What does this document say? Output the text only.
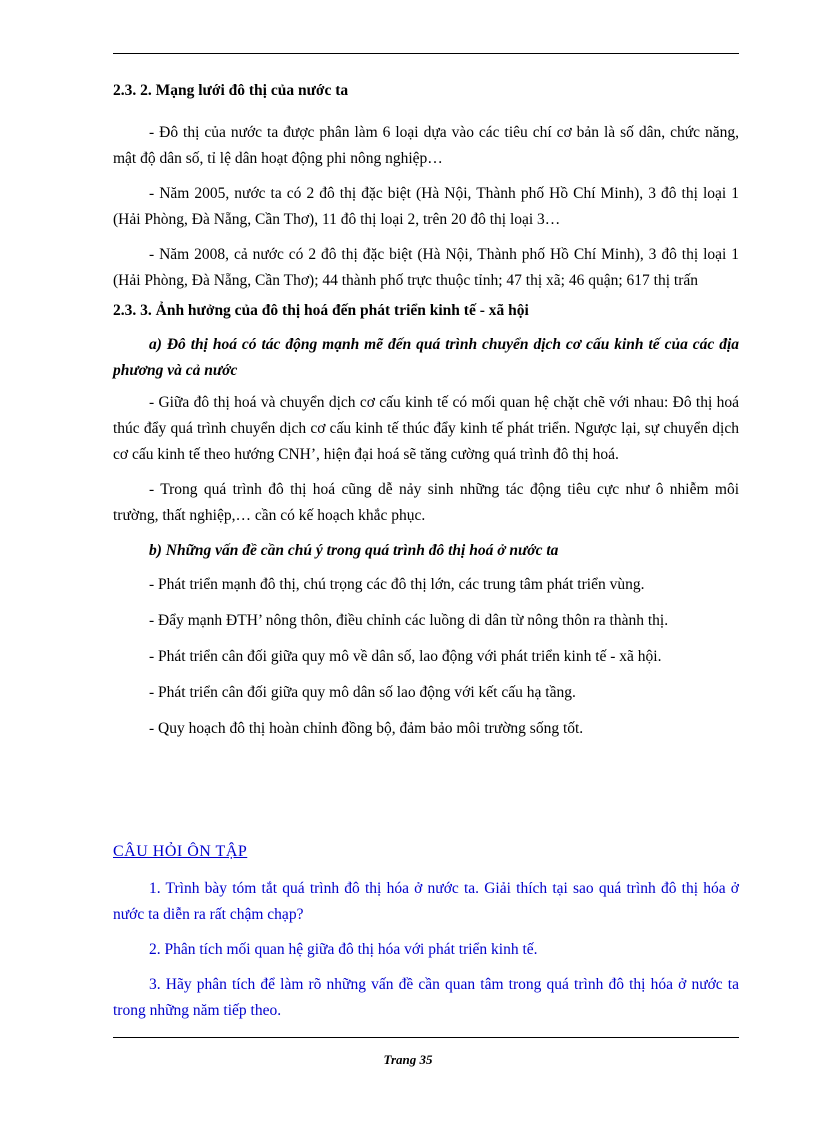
2.3. 2. Mạng lưới đô thị của nước ta

- Đô thị của nước ta được phân làm 6 loại dựa vào các tiêu chí cơ bản là số dân, chức năng, mật độ dân số, tỉ lệ dân hoạt động phi nông nghiệp…

- Năm 2005, nước ta có 2 đô thị đặc biệt (Hà Nội, Thành phố Hồ Chí Minh), 3 đô thị loại 1 (Hải Phòng, Đà Nẵng, Cần Thơ), 11 đô thị loại 2, trên 20 đô thị loại 3…

- Năm 2008, cả nước có 2 đô thị đặc biệt (Hà Nội, Thành phố Hồ Chí Minh), 3 đô thị loại 1 (Hải Phòng, Đà Nẵng, Cần Thơ); 44 thành phố trực thuộc tỉnh; 47 thị xã; 46 quận; 617 thị trấn

2.3. 3. Ảnh hưởng của đô thị hoá đến phát triển kinh tế - xã hội

a) Đô thị hoá có tác động mạnh mẽ đến quá trình chuyển dịch cơ cấu kinh tế của các địa phương và cả nước

- Giữa đô thị hoá và chuyển dịch cơ cấu kinh tế có mối quan hệ chặt chẽ với nhau: Đô thị hoá thúc đẩy quá trình chuyển dịch cơ cấu kinh tế thúc đẩy kinh tế phát triển. Ngược lại, sự chuyển dịch cơ cấu kinh tế theo hướng CNH’, hiện đại hoá sẽ tăng cường quá trình đô thị hoá.

- Trong quá trình đô thị hoá cũng dễ nảy sinh những tác động tiêu cực như ô nhiễm môi trường, thất nghiệp,… cần có kế hoạch khắc phục.

b) Những vấn đề cần chú ý trong quá trình đô thị hoá ở nước ta

- Phát triển mạnh đô thị, chú trọng các đô thị lớn, các trung tâm phát triển vùng.

- Đẩy mạnh ĐTH’ nông thôn, điều chỉnh các luồng di dân từ nông thôn ra thành thị.

- Phát triển cân đối giữa quy mô về dân số, lao động với phát triển kinh tế - xã hội.

- Phát triển cân đối giữa quy mô dân số lao động với kết cấu hạ tầng.

- Quy hoạch đô thị hoàn chỉnh đồng bộ, đảm bảo môi trường sống tốt.

CÂU HỎI ÔN TẬP

1. Trình bày tóm tắt quá trình đô thị hóa ở nước ta. Giải thích tại sao quá trình đô thị hóa ở nước ta diễn ra rất chậm chạp?

2. Phân tích mối quan hệ giữa đô thị hóa với phát triển kinh tế.

3. Hãy phân tích để làm rõ những vấn đề cần quan tâm trong quá trình đô thị hóa ở nước ta trong những năm tiếp theo.

Trang 35
